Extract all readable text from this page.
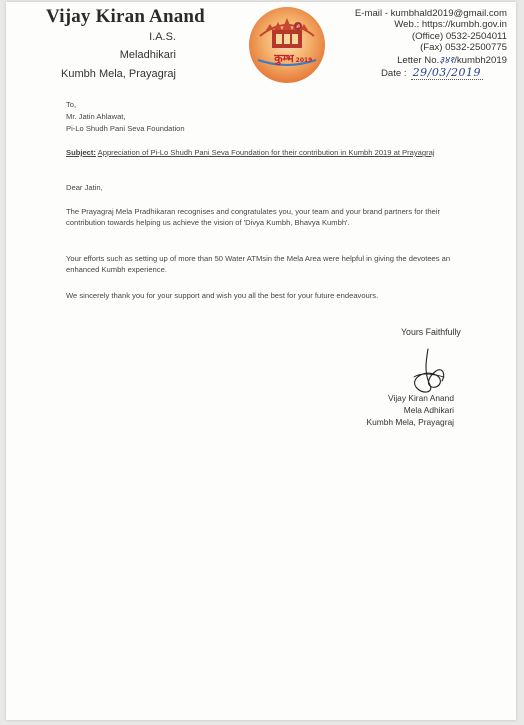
Vijay Kiran Anand
I.A.S.
Meladhikari
Kumbh Mela, Prayagraj
ॐ
कुम्भ 2019
E-mail - kumbhald2019@gmail.com
Web.: https://kumbh.gov.in
(Office) 0532-2504011
(Fax) 0532-2500775
Letter No.३४१/kumbh2019
Date : 29/03/2019
To,
Mr. Jatin Ahlawat,
Pi-Lo Shudh Pani Seva Foundation
Subject: Appreciation of Pi-Lo Shudh Pani Seva Foundation for their contribution in Kumbh 2019 at Prayagraj
Dear Jatin,
The Prayagraj Mela Pradhikaran recognises and congratulates you, your team and your brand partners for their contribution towards helping us achieve the vision of 'Divya Kumbh, Bhavya Kumbh'.
Your efforts such as setting up of more than 50 Water ATMsin the Mela Area were helpful in giving the devotees an enhanced Kumbh experience.
We sincerely thank you for your support and wish you all the best for your future endeavours.
Yours Faithfully
Vijay Kiran Anand
Mela Adhikari
Kumbh Mela, Prayagraj
